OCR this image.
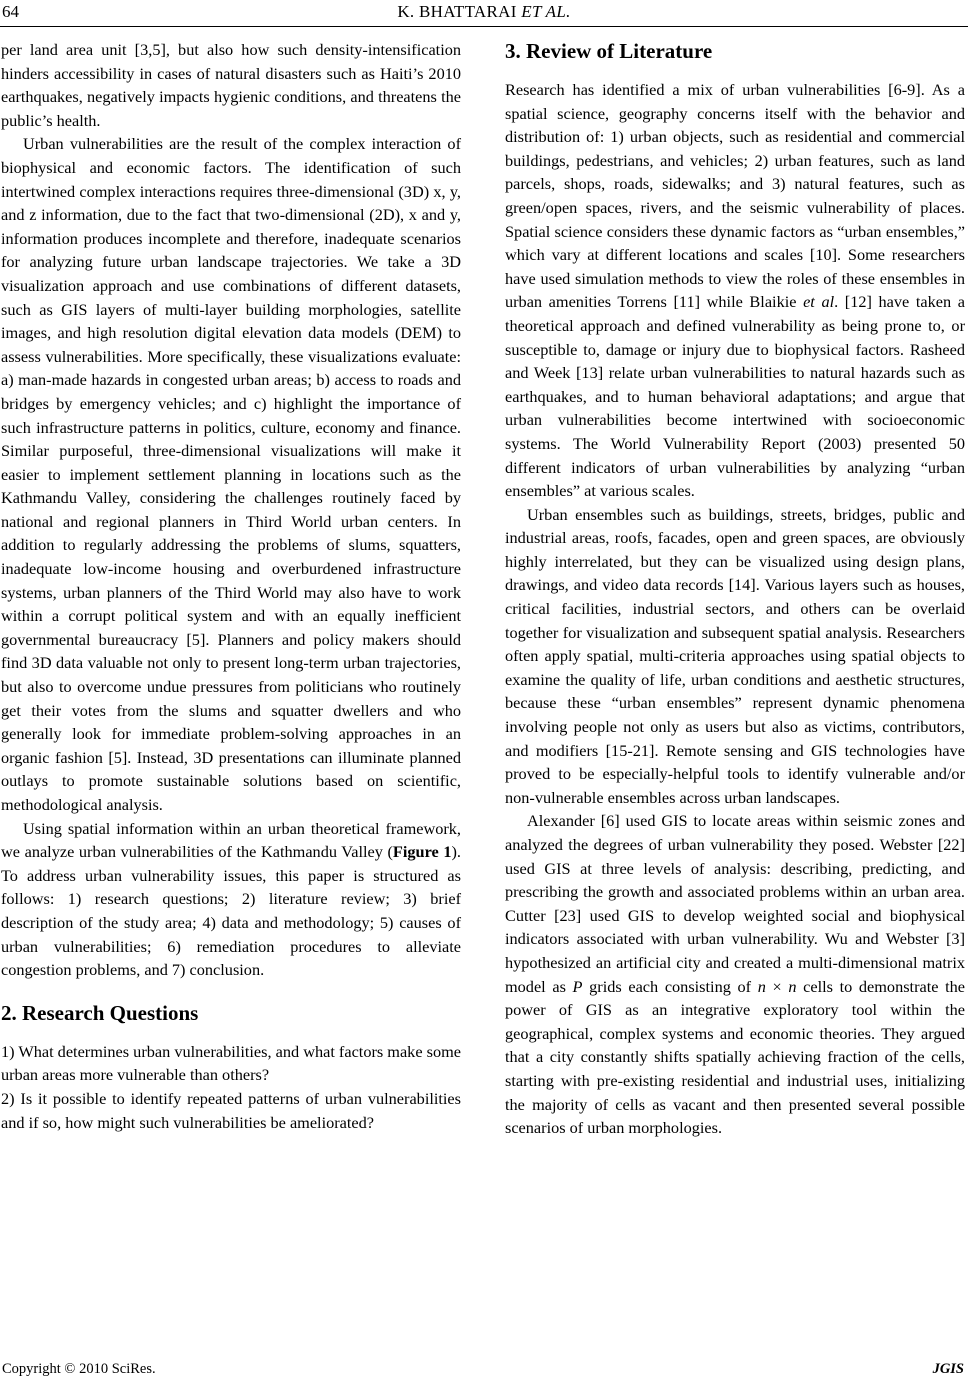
64	K. BHATTARAI ET AL.

per land area unit [3,5], but also how such density-intensification hinders accessibility in cases of natural disasters such as Haiti’s 2010 earthquakes, negatively impacts hygienic conditions, and threatens the public’s health.

Urban vulnerabilities are the result of the complex interaction of biophysical and economic factors. The identification of such intertwined complex interactions requires three-dimensional (3D) x, y, and z information, due to the fact that two-dimensional (2D), x and y, information produces incomplete and therefore, inadequate scenarios for analyzing future urban landscape trajectories. We take a 3D visualization approach and use combinations of different datasets, such as GIS layers of multi-layer building morphologies, satellite images, and high resolution digital elevation data models (DEM) to assess vulnerabilities. More specifically, these visualizations evaluate: a) man-made hazards in congested urban areas; b) access to roads and bridges by emergency vehicles; and c) highlight the importance of such infrastructure patterns in politics, culture, economy and finance. Similar purposeful, three-dimensional visualizations will make it easier to implement settlement planning in locations such as the Kathmandu Valley, considering the challenges routinely faced by national and regional planners in Third World urban centers. In addition to regularly addressing the problems of slums, squatters, inadequate low-income housing and overburdened infrastructure systems, urban planners of the Third World may also have to work within a corrupt political system and with an equally inefficient governmental bureaucracy [5]. Planners and policy makers should find 3D data valuable not only to present long-term urban trajectories, but also to overcome undue pressures from politicians who routinely get their votes from the slums and squatter dwellers and who generally look for immediate problem-solving approaches in an organic fashion [5]. Instead, 3D presentations can illuminate planned outlays to promote sustainable solutions based on scientific, methodological analysis.

Using spatial information within an urban theoretical framework, we analyze urban vulnerabilities of the Kathmandu Valley (Figure 1). To address urban vulnerability issues, this paper is structured as follows: 1) research questions; 2) literature review; 3) brief description of the study area; 4) data and methodology; 5) causes of urban vulnerabilities; 6) remediation procedures to alleviate congestion problems, and 7) conclusion.

2. Research Questions

1) What determines urban vulnerabilities, and what factors make some urban areas more vulnerable than others?

2) Is it possible to identify repeated patterns of urban vulnerabilities and if so, how might such vulnerabilities be ameliorated?

3. Review of Literature

Research has identified a mix of urban vulnerabilities [6-9]. As a spatial science, geography concerns itself with the behavior and distribution of: 1) urban objects, such as residential and commercial buildings, pedestrians, and vehicles; 2) urban features, such as land parcels, shops, roads, sidewalks; and 3) natural features, such as green/open spaces, rivers, and the seismic vulnerability of places. Spatial science considers these dynamic factors as “urban ensembles,” which vary at different locations and scales [10]. Some researchers have used simulation methods to view the roles of these ensembles in urban amenities Torrens [11] while Blaikie et al. [12] have taken a theoretical approach and defined vulnerability as being prone to, or susceptible to, damage or injury due to biophysical factors. Rasheed and Week [13] relate urban vulnerabilities to natural hazards such as earthquakes, and to human behavioral adaptations; and argue that urban vulnerabilities become intertwined with socioeconomic systems. The World Vulnerability Report (2003) presented 50 different indicators of urban vulnerabilities by analyzing “urban ensembles” at various scales.

Urban ensembles such as buildings, streets, bridges, public and industrial areas, roofs, facades, open and green spaces, are obviously highly interrelated, but they can be visualized using design plans, drawings, and video data records [14]. Various layers such as houses, critical facilities, industrial sectors, and others can be overlaid together for visualization and subsequent spatial analysis. Researchers often apply spatial, multi-criteria approaches using spatial objects to examine the quality of life, urban conditions and aesthetic structures, because these “urban ensembles” represent dynamic phenomena involving people not only as users but also as victims, contributors, and modifiers [15-21]. Remote sensing and GIS technologies have proved to be especially-helpful tools to identify vulnerable and/or non-vulnerable ensembles across urban landscapes.

Alexander [6] used GIS to locate areas within seismic zones and analyzed the degrees of urban vulnerability they posed. Webster [22] used GIS at three levels of analysis: describing, predicting, and prescribing the growth and associated problems within an urban area. Cutter [23] used GIS to develop weighted social and biophysical indicators associated with urban vulnerability. Wu and Webster [3] hypothesized an artificial city and created a multi-dimensional matrix model as P grids each consisting of n × n cells to demonstrate the power of GIS as an integrative exploratory tool within the geographical, complex systems and economic theories. They argued that a city constantly shifts spatially achieving fraction of the cells, starting with pre-existing residential and industrial uses, initializing the majority of cells as vacant and then presented several possible scenarios of urban morphologies.

Copyright © 2010 SciRes.	JGIS
